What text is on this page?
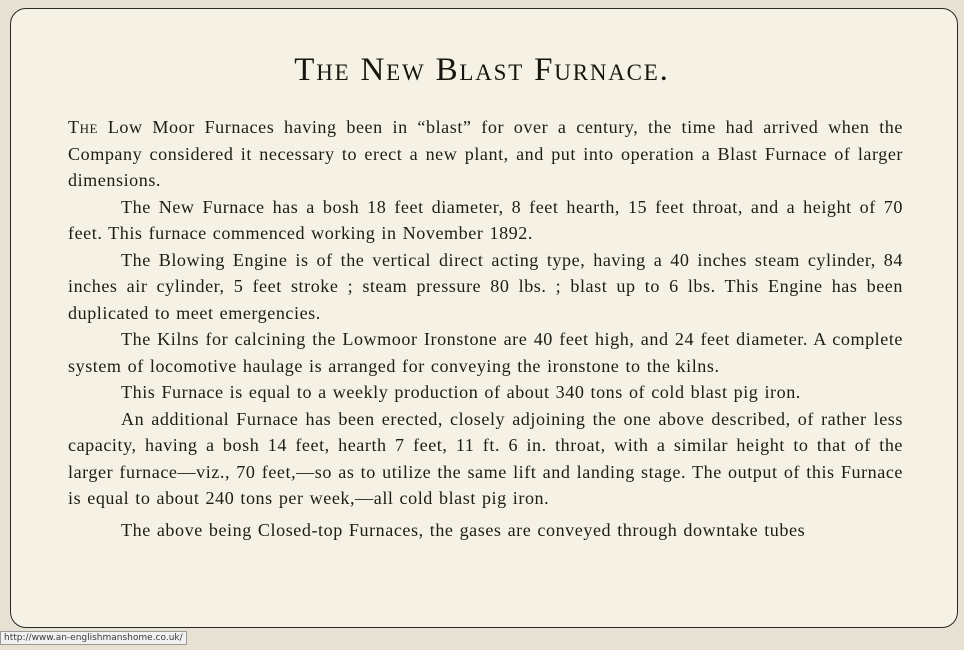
The New Blast Furnace.

The Low Moor Furnaces having been in “blast” for over a century, the time had arrived when the Company considered it necessary to erect a new plant, and put into operation a Blast Furnace of larger dimensions.

The New Furnace has a bosh 18 feet diameter, 8 feet hearth, 15 feet throat, and a height of 70 feet. This furnace commenced working in November 1892.

The Blowing Engine is of the vertical direct acting type, having a 40 inches steam cylinder, 84 inches air cylinder, 5 feet stroke ; steam pressure 80 lbs. ; blast up to 6 lbs. This Engine has been duplicated to meet emergencies.

The Kilns for calcining the Lowmoor Ironstone are 40 feet high, and 24 feet diameter. A complete system of locomotive haulage is arranged for conveying the ironstone to the kilns.

This Furnace is equal to a weekly production of about 340 tons of cold blast pig iron.

An additional Furnace has been erected, closely adjoining the one above described, of rather less capacity, having a bosh 14 feet, hearth 7 feet, 11 ft. 6 in. throat, with a similar height to that of the larger furnace—viz., 70 feet,—so as to utilize the same lift and landing stage. The output of this Furnace is equal to about 240 tons per week,—all cold blast pig iron.

The above being Closed-top Furnaces, the gases are conveyed through downtake tubes

http://www.an-englishmanshome.co.uk/
